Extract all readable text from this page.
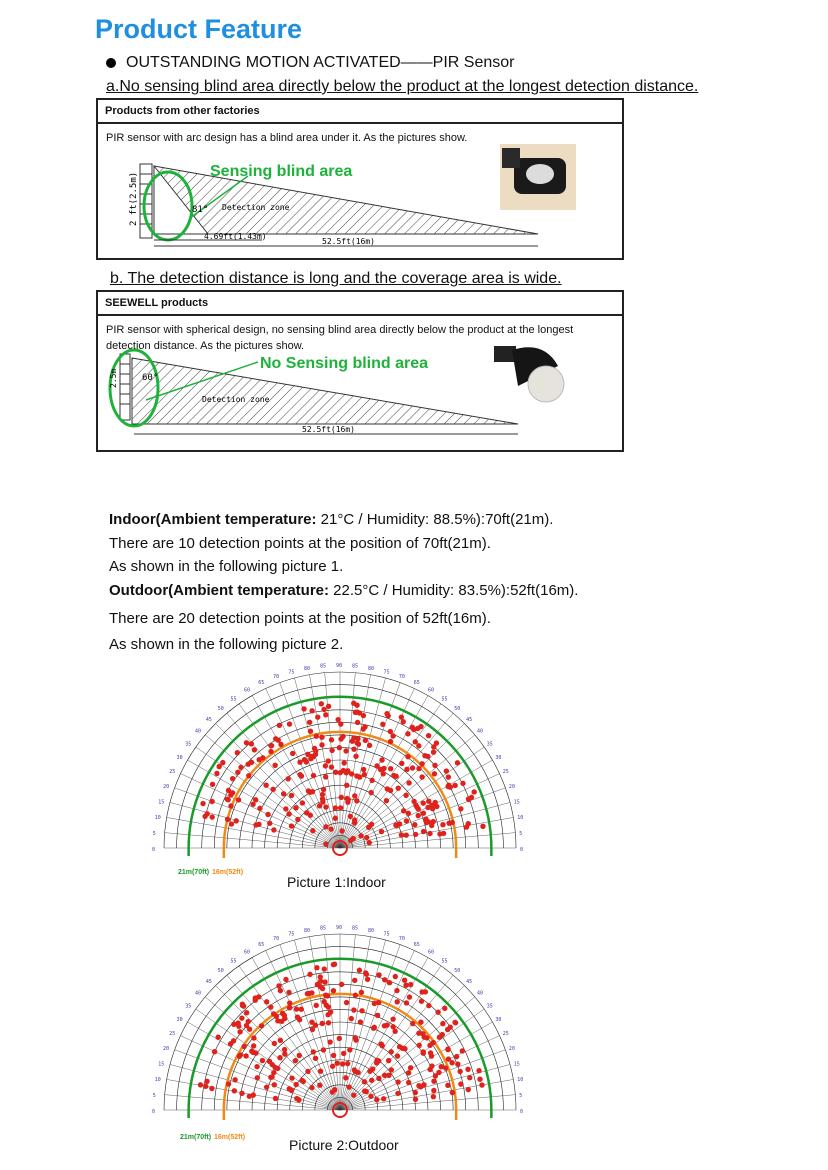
Product Feature
OUTSTANDING MOTION ACTIVATED——PIR Sensor
a.No sensing blind area directly below the product at the longest detection distance.
Products from other factories
PIR sensor with arc design has a blind area under it. As the pictures show.
Sensing blind area
2 ft(2.5m)	81° Detection zone
4.69ft(1.43m)
52.5ft(16m)
b. The detection distance is long and the coverage area is wide.
SEEWELL products
PIR sensor with spherical design, no sensing blind area directly below the product at the longest detection distance. As the pictures show.
No Sensing blind area
2.5m	60°
Detection zone
52.5ft(16m)
Indoor(Ambient temperature: 21°C / Humidity: 88.5%):70ft(21m).
There are 10 detection points at the position of 70ft(21m).
As shown in the following picture 1.
Outdoor(Ambient temperature: 22.5°C / Humidity: 83.5%):52ft(16m).
There are 20 detection points at the position of 52ft(16m).
As shown in the following picture 2.
0	0
5	5
10	10
15	15
20	20
25	25
30	30
35	35
40	40
45	45
50	50
55	55
60	60
65	65
70	70
75	75
80	80
85	85
90
21m(70ft) 16m(52ft)
Picture 1:Indoor
0	0
5	5
10	10
15	15
20	20
25	25
30	30
35	35
40	40
45	45
50	50
55	55
60	60
65	65
70	70
75	75
80	80
85	85
90
21m(70ft) 16m(52ft)	Picture 2:Outdoor
